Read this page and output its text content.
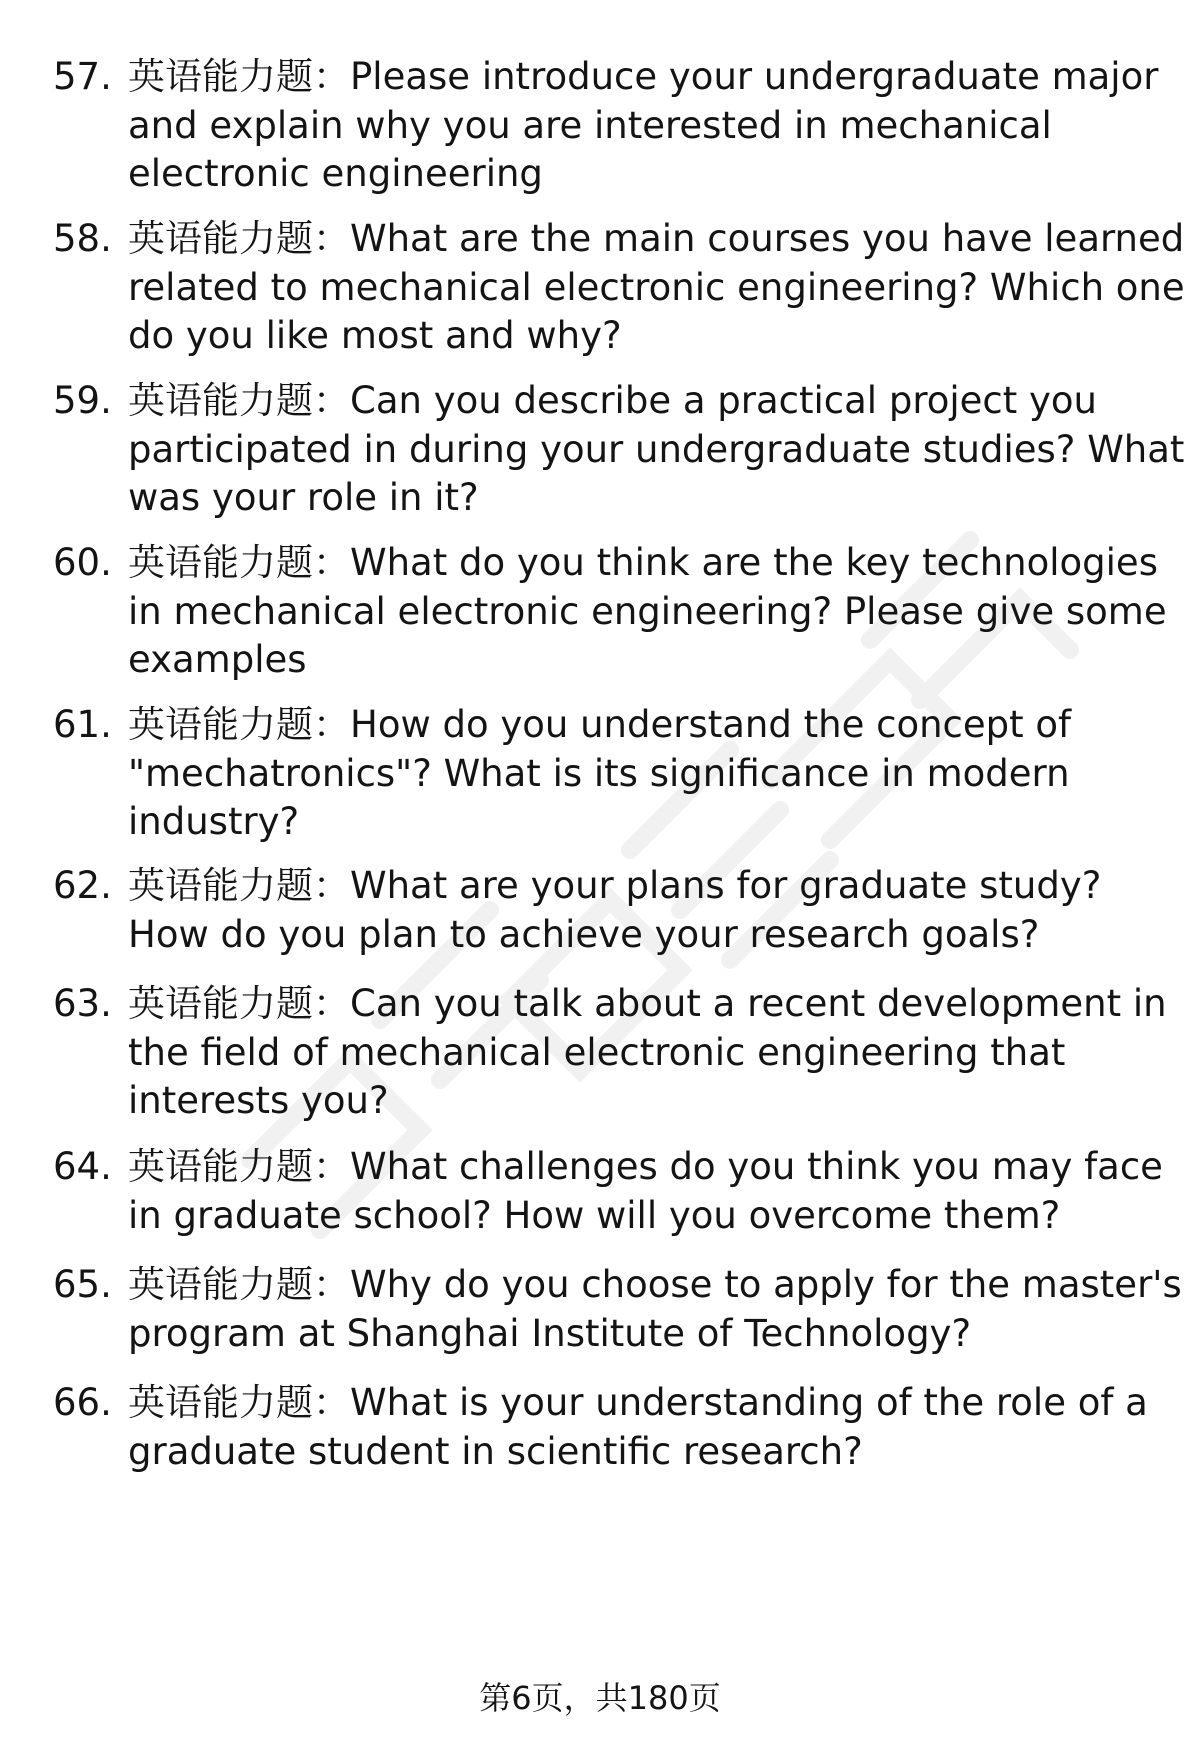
57. 英语能力题：Please introduce your undergraduate major and explain why you are interested in mechanical electronic engineering
58. 英语能力题：What are the main courses you have learned related to mechanical electronic engineering? Which one do you like most and why?
59. 英语能力题：Can you describe a practical project you participated in during your undergraduate studies? What was your role in it?
60. 英语能力题：What do you think are the key technologies in mechanical electronic engineering? Please give some examples
61. 英语能力题：How do you understand the concept of "mechatronics"? What is its significance in modern industry?
62. 英语能力题：What are your plans for graduate study? How do you plan to achieve your research goals?
63. 英语能力题：Can you talk about a recent development in the field of mechanical electronic engineering that interests you?
64. 英语能力题：What challenges do you think you may face in graduate school? How will you overcome them?
65. 英语能力题：Why do you choose to apply for the master's program at Shanghai Institute of Technology?
66. 英语能力题：What is your understanding of the role of a graduate student in scientific research?
第6页，共180页
